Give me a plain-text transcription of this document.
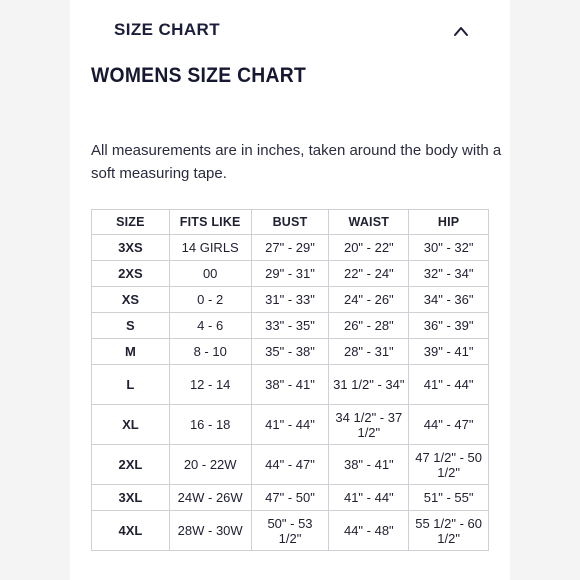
SIZE CHART
WOMENS SIZE CHART
All measurements are in inches, taken around the body with a soft measuring tape.
SIZE	FITS LIKE	BUST	WAIST	HIP
3XS	14 GIRLS	27" - 29"	20" - 22"	30" - 32"
2XS	00	29" - 31"	22" - 24"	32" - 34"
XS	0 - 2	31" - 33"	24" - 26"	34" - 36"
S	4 - 6	33" - 35"	26" - 28"	36" - 39"
M	8 - 10	35" - 38"	28" - 31"	39" - 41"
L	12 - 14	38" - 41"	31 1/2" - 34"	41" - 44"
XL	16 - 18	41" - 44"	34 1/2" - 37 1/2"	44" - 47"
2XL	20 - 22W	44" - 47"	38" - 41"	47 1/2" - 50 1/2"
3XL	24W - 26W	47" - 50"	41" - 44"	51" - 55"
4XL	28W - 30W	50" - 53 1/2"	44" - 48"	55 1/2" - 60 1/2"
